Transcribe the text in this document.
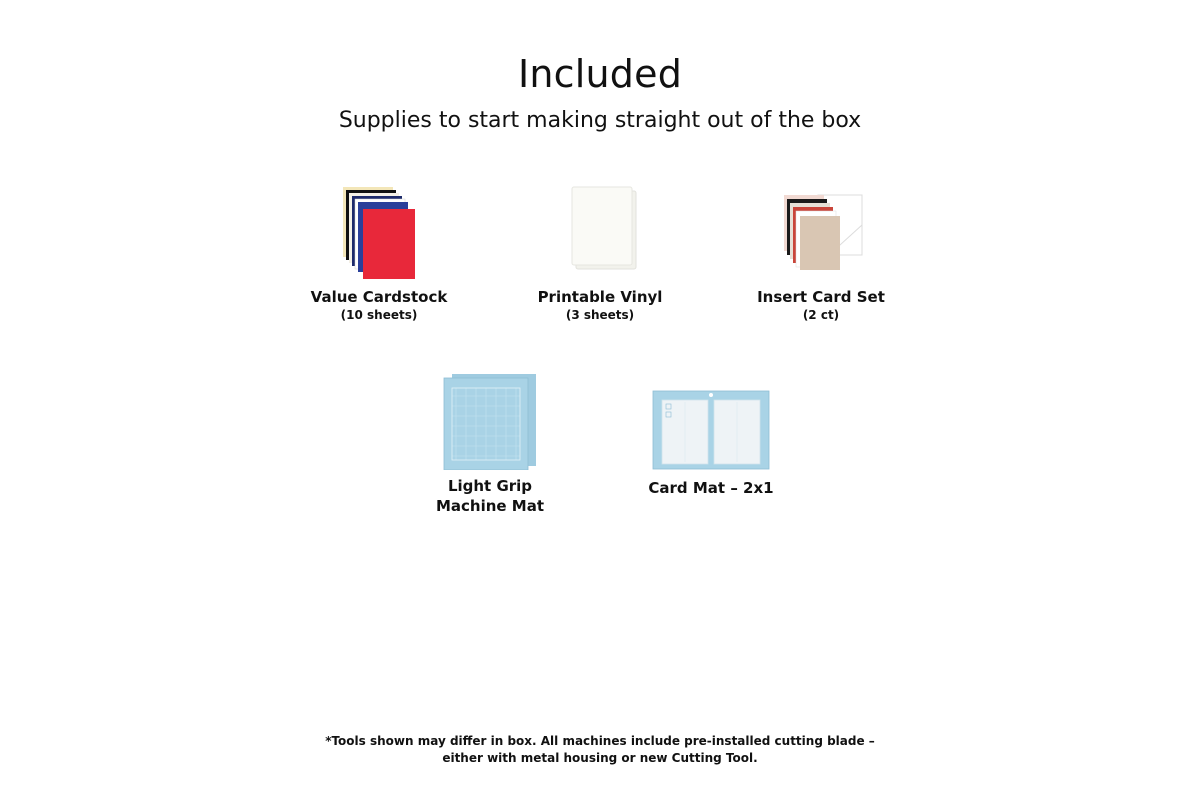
Included
Supplies to start making straight out of the box
Value Cardstock
(10 sheets)
Printable Vinyl
(3 sheets)
Insert Card Set
(2 ct)
Light Grip
Machine Mat
Card Mat – 2x1
*Tools shown may differ in box. All machines include pre-installed cutting blade –
either with metal housing or new Cutting Tool.
